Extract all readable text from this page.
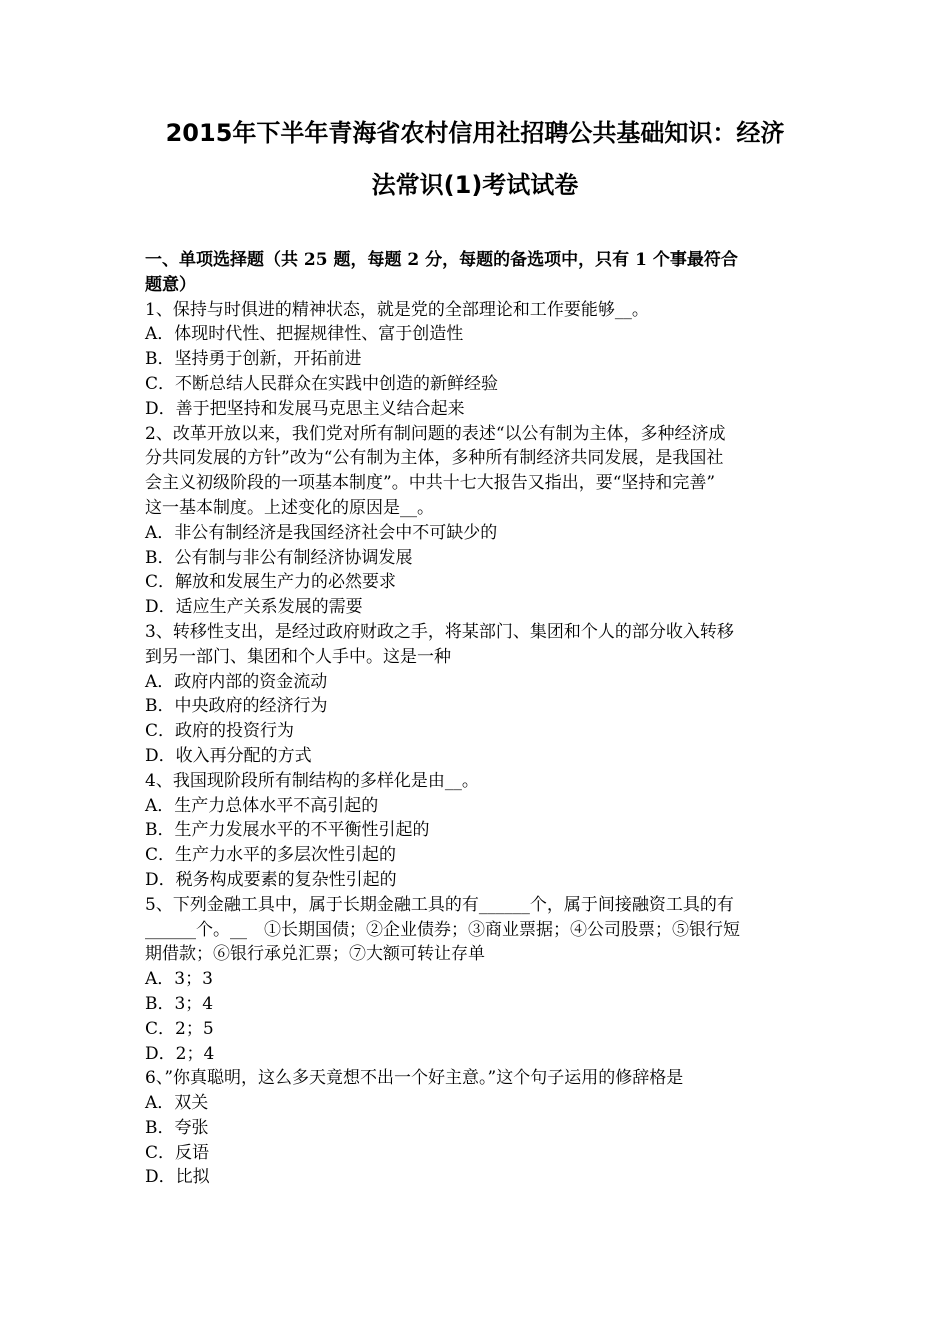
2015年下半年青海省农村信用社招聘公共基础知识：经济
法常识(1)考试试卷
一、单项选择题（共 25 题，每题 2 分，每题的备选项中，只有 1 个事最符合
题意）
1、保持与时俱进的精神状态，就是党的全部理论和工作要能够__。
A．体现时代性、把握规律性、富于创造性
B．坚持勇于创新，开拓前进
C．不断总结人民群众在实践中创造的新鲜经验
D．善于把坚持和发展马克思主义结合起来
2、改革开放以来，我们党对所有制问题的表述“以公有制为主体，多种经济成
分共同发展的方针”改为“公有制为主体，多种所有制经济共同发展，是我国社
会主义初级阶段的一项基本制度”。中共十七大报告又指出，要“坚持和完善”
这一基本制度。上述变化的原因是__。
A．非公有制经济是我国经济社会中不可缺少的
B．公有制与非公有制经济协调发展
C．解放和发展生产力的必然要求
D．适应生产关系发展的需要
3、转移性支出，是经过政府财政之手，将某部门、集团和个人的部分收入转移
到另一部门、集团和个人手中。这是一种
A．政府内部的资金流动
B．中央政府的经济行为
C．政府的投资行为
D．收入再分配的方式
4、我国现阶段所有制结构的多样化是由__。
A．生产力总体水平不高引起的
B．生产力发展水平的不平衡性引起的
C．生产力水平的多层次性引起的
D．税务构成要素的复杂性引起的
5、下列金融工具中，属于长期金融工具的有______个，属于间接融资工具的有
______个。__　①长期国债；②企业债券；③商业票据；④公司股票；⑤银行短
期借款；⑥银行承兑汇票；⑦大额可转让存单
A．3；3
B．3；4
C．2；5
D．2；4
6、”你真聪明，这么多天竟想不出一个好主意。”这个句子运用的修辞格是
A．双关
B．夸张
C．反语
D．比拟
